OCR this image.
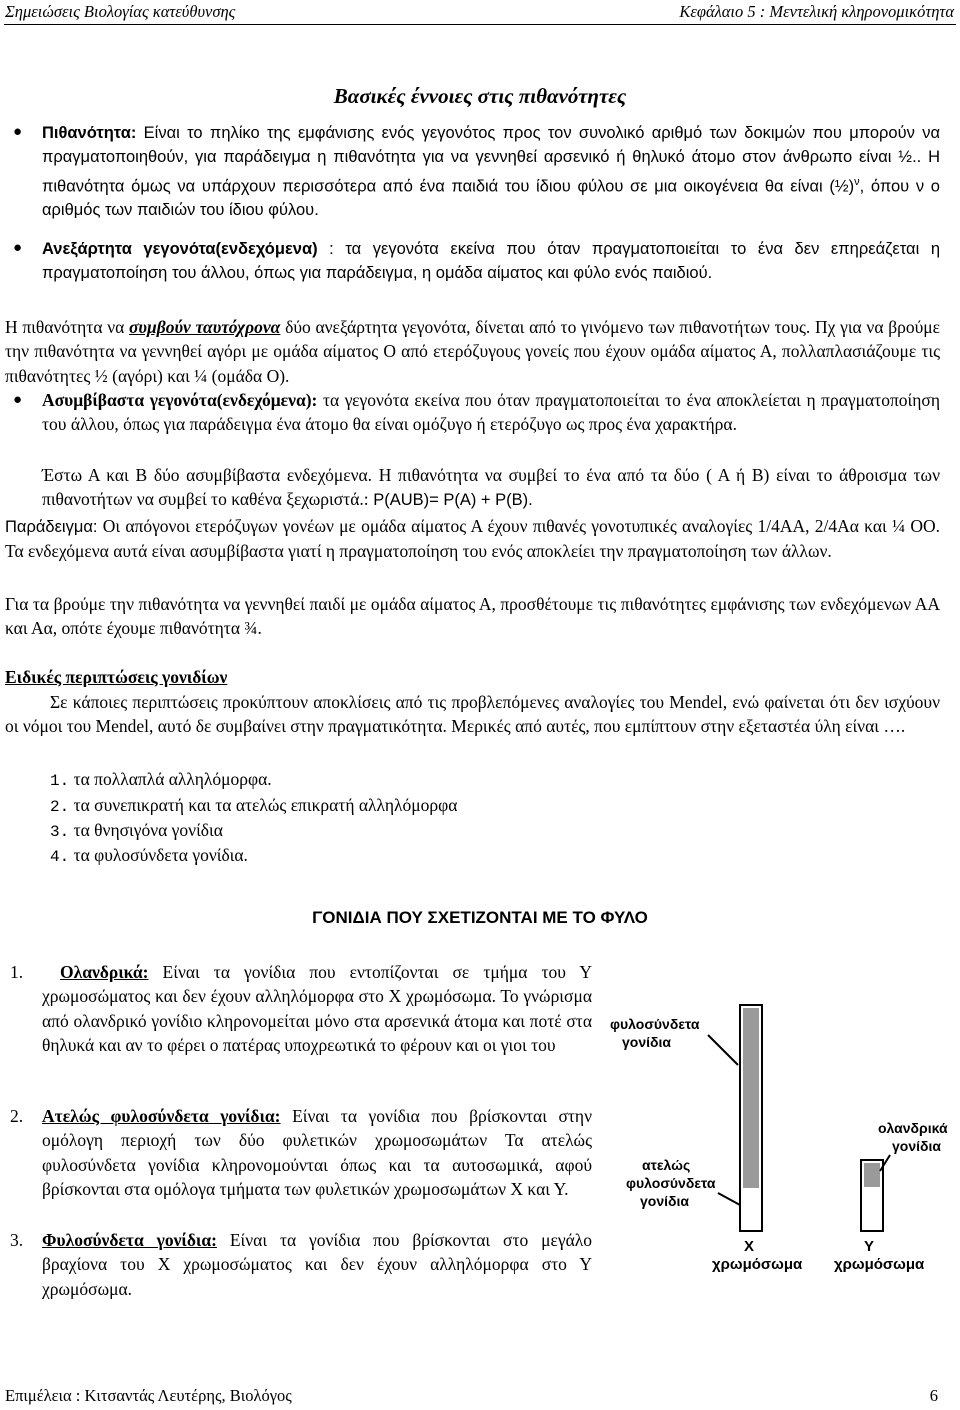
Σημειώσεις Βιολογίας κατεύθυνσης	Κεφάλαιο 5 : Μεντελική κληρονομικότητα
Βασικές έννοιες στις πιθανότητες
● Πιθανότητα: Είναι το πηλίκο της εμφάνισης ενός γεγονότος προς τον συνολικό αριθμό των δοκιμών που μπορούν να πραγματοποιηθούν, για παράδειγμα η πιθανότητα για να γεννηθεί αρσενικό ή θηλυκό άτομο στον άνθρωπο είναι ½.. Η πιθανότητα όμως να υπάρχουν περισσότερα από ένα παιδιά του ίδιου φύλου σε μια οικογένεια θα είναι (½)$^\nu$, όπου ν ο αριθμός των παιδιών του ίδιου φύλου.
● Ανεξάρτητα γεγονότα(ενδεχόμενα) : τα γεγονότα εκείνα που όταν πραγματοποιείται το ένα δεν επηρεάζεται η πραγματοποίηση του άλλου, όπως για παράδειγμα, η ομάδα αίματος και φύλο ενός παιδιού.
Η πιθανότητα να συμβούν ταυτόχρονα δύο ανεξάρτητα γεγονότα, δίνεται από το γινόμενο των πιθανοτήτων τους. Πχ για να βρούμε την πιθανότητα να γεννηθεί αγόρι με ομάδα αίματος Ο από ετερόζυγους γονείς που έχουν ομάδα αίματος Α, πολλαπλασιάζουμε τις πιθανότητες ½ (αγόρι) και ¼ (ομάδα Ο).
● Ασυμβίβαστα γεγονότα(ενδεχόμενα): τα γεγονότα εκείνα που όταν πραγματοποιείται το ένα αποκλείεται η πραγματοποίηση του άλλου, όπως για παράδειγμα ένα άτομο θα είναι ομόζυγο ή ετερόζυγο ως προς ένα χαρακτήρα.
Έστω Α και Β δύο ασυμβίβαστα ενδεχόμενα. Η πιθανότητα να συμβεί το ένα από τα δύο ( Α ή Β) είναι το άθροισμα των πιθανοτήτων να συμβεί το καθένα ξεχωριστά.: P(AUB)= P(A) + P(B).
Παράδειγμα: Οι απόγονοι ετερόζυγων γονέων με ομάδα αίματος Α έχουν πιθανές γονοτυπικές αναλογίες 1/4ΑΑ, 2/4Αα και ¼ ΟΟ. Τα ενδεχόμενα αυτά είναι ασυμβίβαστα γιατί η πραγματοποίηση του ενός αποκλείει την πραγματοποίηση των άλλων.
Για τα βρούμε την πιθανότητα να γεννηθεί παιδί με ομάδα αίματος Α, προσθέτουμε τις πιθανότητες εμφάνισης των ενδεχόμενων ΑΑ και Αα, οπότε έχουμε πιθανότητα ¾.
Ειδικές περιπτώσεις γονιδίων
Σε κάποιες περιπτώσεις προκύπτουν αποκλίσεις από τις προβλεπόμενες αναλογίες του Mendel, ενώ φαίνεται ότι δεν ισχύουν οι νόμοι του Mendel, αυτό δε συμβαίνει στην πραγματικότητα. Μερικές από αυτές, που εμπίπτουν στην εξεταστέα ύλη είναι ….
1. τα πολλαπλά αλληλόμορφα.
2. τα συνεπικρατή και τα ατελώς επικρατή αλληλόμορφα
3. τα θνησιγόνα γονίδια
4. τα φυλοσύνδετα γονίδια.
ΓΟΝΙΔΙΑ ΠΟΥ ΣΧΕΤΙΖΟΝΤΑΙ ΜΕ ΤΟ ΦΥΛΟ
1.	Ολανδρικά: Είναι τα γονίδια που εντοπίζονται σε τμήμα του Υ χρωμοσώματος και δεν έχουν αλληλόμορφα στο Χ χρωμόσωμα. Το γνώρισμα από ολανδρικό γονίδιο κληρονομείται μόνο στα αρσενικά άτομα και ποτέ στα θηλυκά και αν το φέρει ο πατέρας υποχρεωτικά το φέρουν και οι γιοι του
2. Ατελώς φυλοσύνδετα γονίδια: Είναι τα γονίδια που βρίσκονται στην ομόλογη περιοχή των δύο φυλετικών χρωμοσωμάτων Τα ατελώς φυλοσύνδετα γονίδια κληρονομούνται όπως και τα αυτοσωμικά, αφού βρίσκονται στα ομόλογα τμήματα των φυλετικών χρωμοσωμάτων Χ και Υ.
3. Φυλοσύνδετα γονίδια: Είναι τα γονίδια που βρίσκονται στο μεγάλο βραχίονα του Χ χρωμοσώματος και δεν έχουν αλληλόμορφα στο Υ χρωμόσωμα.
φυλοσύνδετα
γονίδια
ολανδρικά
γονίδια
ατελώς
φυλοσύνδετα
γονίδια
Χ
χρωμόσωμα
Υ
χρωμόσωμα
Επιμέλεια : Κιτσαντάς Λευτέρης, Βιολόγος	6
